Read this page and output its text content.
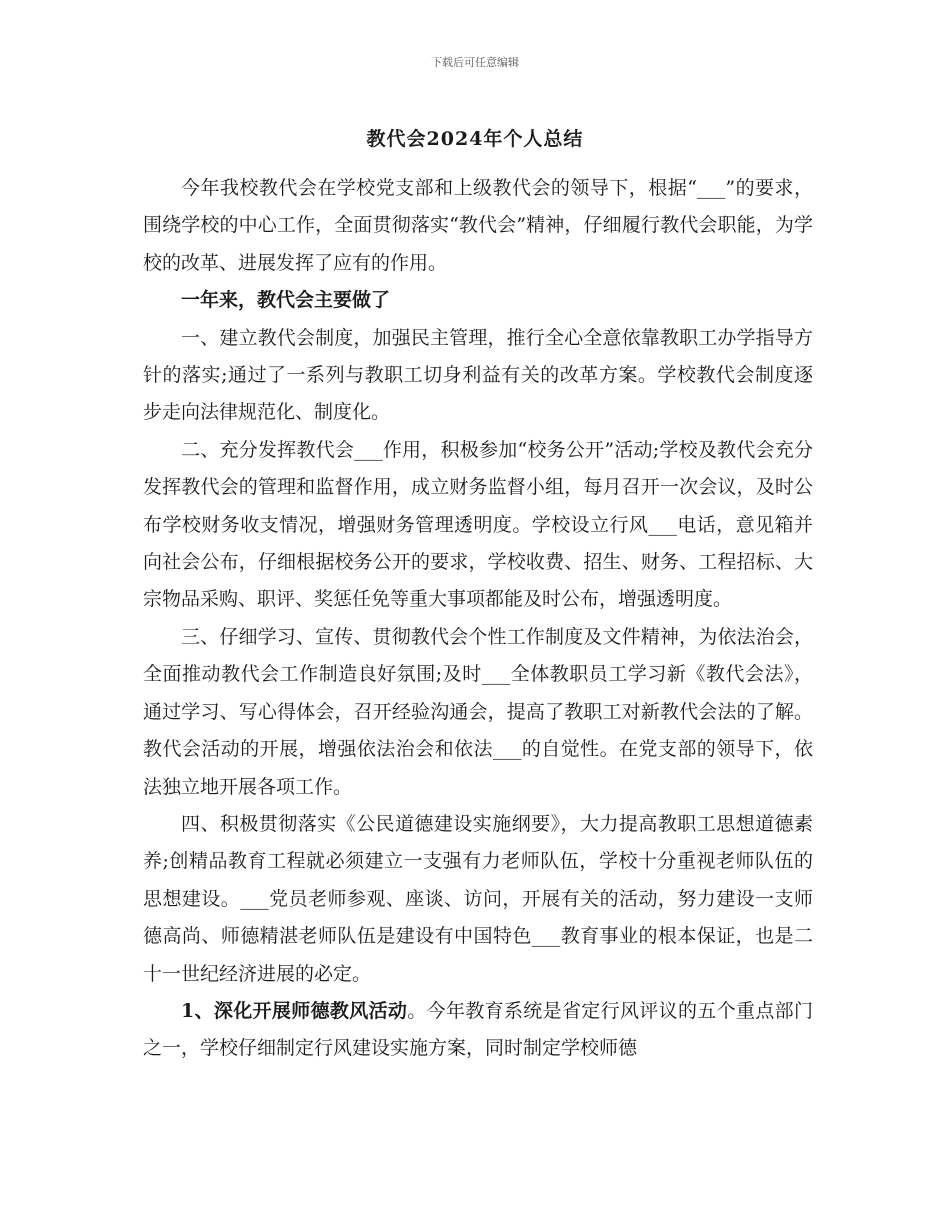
下载后可任意编辑
教代会2024年个人总结

今年我校教代会在学校党支部和上级教代会的领导下，根据“___”的要求，围绕学校的中心工作，全面贯彻落实“教代会”精神，仔细履行教代会职能，为学校的改革、进展发挥了应有的作用。

一年来，教代会主要做了

一、建立教代会制度，加强民主管理，推行全心全意依靠教职工办学指导方针的落实;通过了一系列与教职工切身利益有关的改革方案。学校教代会制度逐步走向法律规范化、制度化。

二、充分发挥教代会___作用，积极参加“校务公开”活动;学校及教代会充分发挥教代会的管理和监督作用，成立财务监督小组，每月召开一次会议，及时公布学校财务收支情况，增强财务管理透明度。学校设立行风___电话，意见箱并向社会公布，仔细根据校务公开的要求，学校收费、招生、财务、工程招标、大宗物品采购、职评、奖惩任免等重大事项都能及时公布，增强透明度。

三、仔细学习、宣传、贯彻教代会个性工作制度及文件精神，为依法治会，全面推动教代会工作制造良好氛围;及时___全体教职员工学习新《教代会法》，通过学习、写心得体会，召开经验沟通会，提高了教职工对新教代会法的了解。教代会活动的开展，增强依法治会和依法___的自觉性。在党支部的领导下，依法独立地开展各项工作。

四、积极贯彻落实《公民道德建设实施纲要》，大力提高教职工思想道德素养;创精品教育工程就必须建立一支强有力老师队伍，学校十分重视老师队伍的思想建设。___党员老师参观、座谈、访问，开展有关的活动，努力建设一支师德高尚、师德精湛老师队伍是建设有中国特色___教育事业的根本保证，也是二十一世纪经济进展的必定。

1、深化开展师德教风活动。今年教育系统是省定行风评议的五个重点部门之一，学校仔细制定行风建设实施方案，同时制定学校师德
